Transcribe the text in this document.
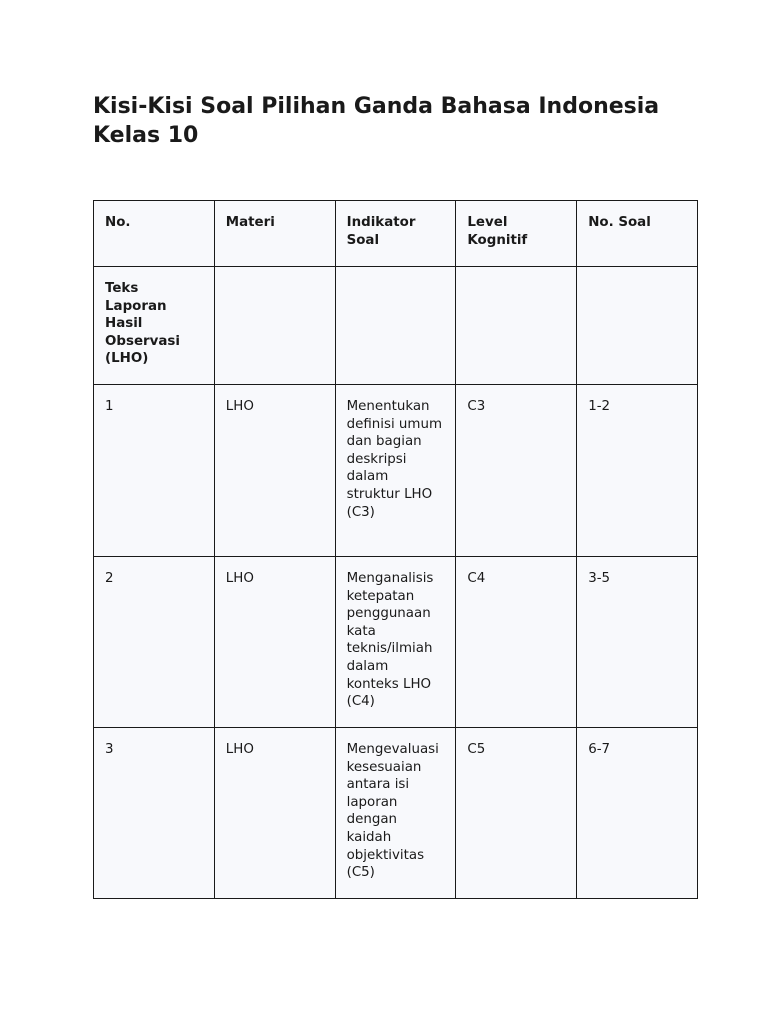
Kisi-Kisi Soal Pilihan Ganda Bahasa Indonesia Kelas 10
No.	Materi	Indikator Soal	Level Kognitif	No. Soal
Teks Laporan Hasil Observasi (LHO)				
1	LHO	Menentukan definisi umum dan bagian deskripsi dalam struktur LHO (C3)	C3	1-2
2	LHO	Menganalisis ketepatan penggunaan kata teknis/ilmiah dalam konteks LHO (C4)	C4	3-5
3	LHO	Mengevaluasi kesesuaian antara isi laporan dengan kaidah objektivitas (C5)	C5	6-7
